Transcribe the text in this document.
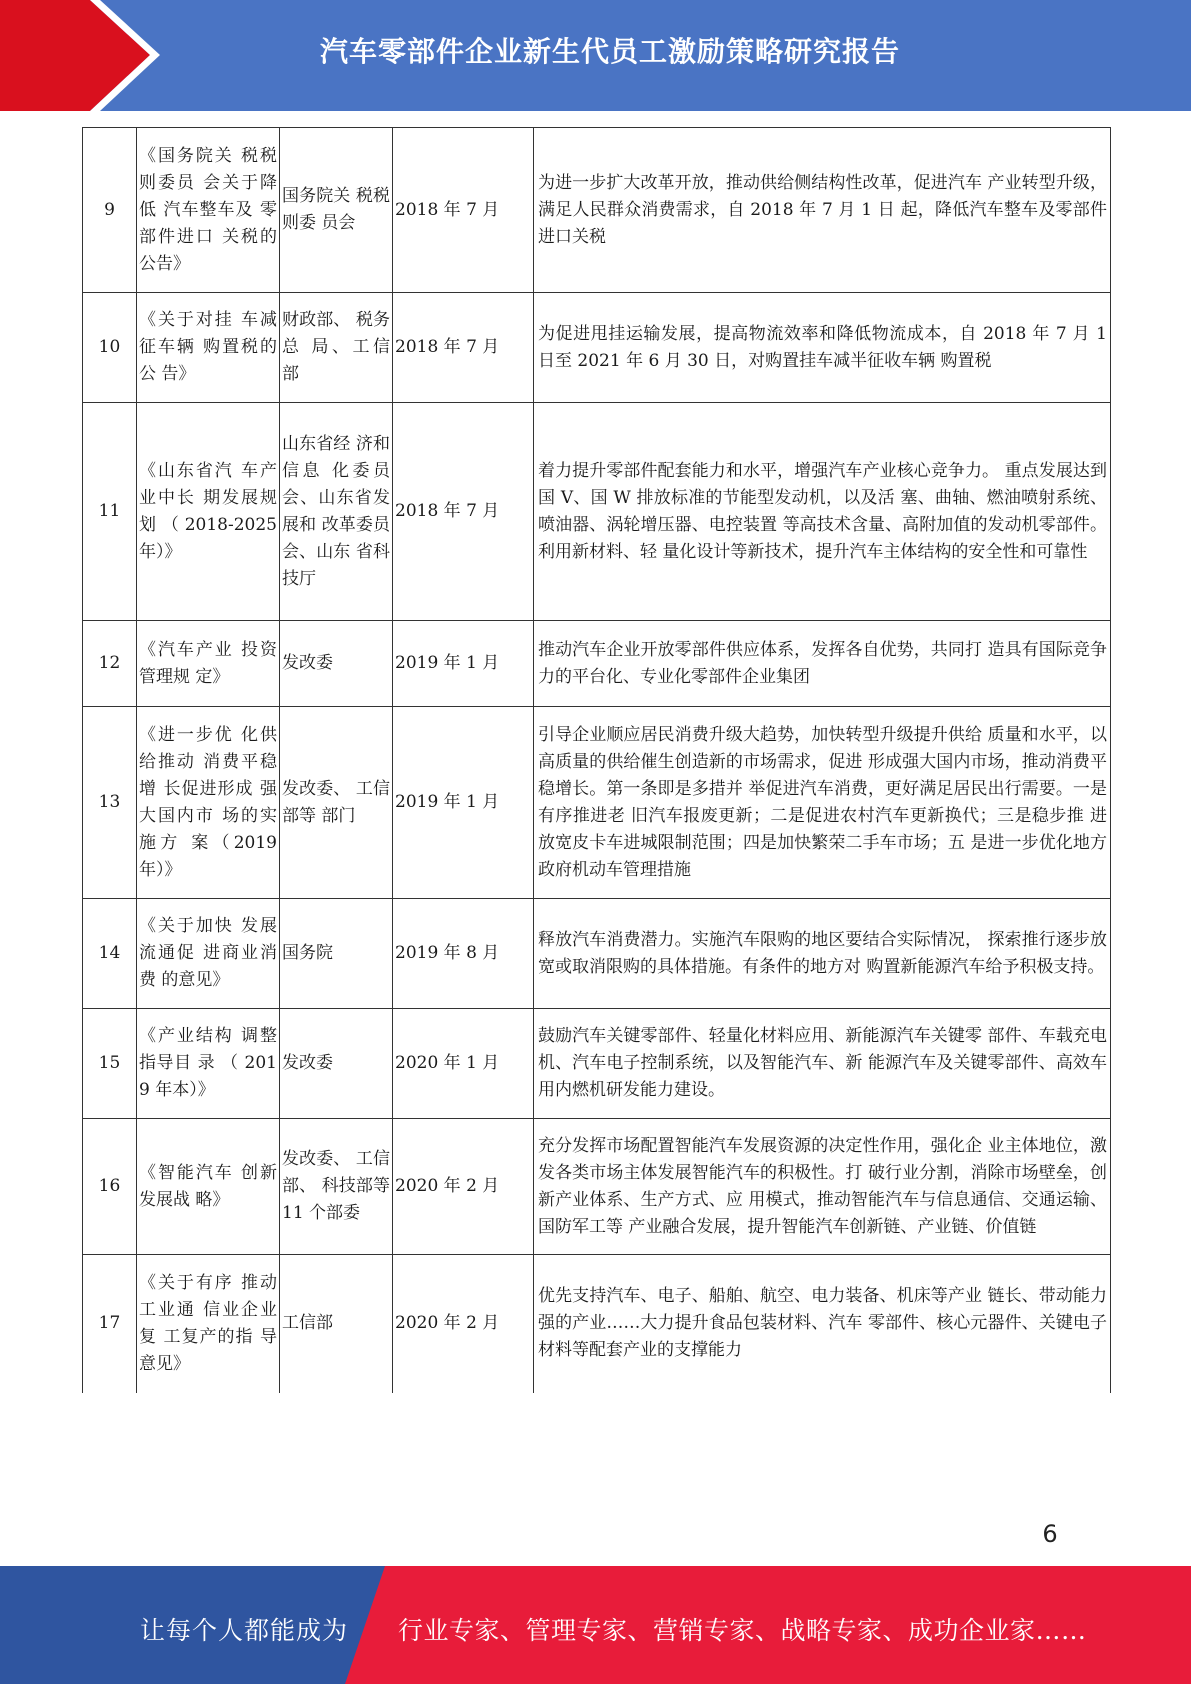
汽车零部件企业新生代员工激励策略研究报告
9	《国务院关 税税则委员 会关于降低 汽车整车及 零部件进口 关税的公告》	国务院关 税税则委 员会	2018 年 7 月	为进一步扩大改革开放，推动供给侧结构性改革，促进汽车 产业转型升级，满足人民群众消费需求，自 2018 年 7 月 1 日 起，降低汽车整车及零部件进口关税
10	《关于对挂 车减征车辆 购置税的公 告》	财政部、 税务总 局、工信 部	2018 年 7 月	为促进甩挂运输发展，提高物流效率和降低物流成本，自 2018 年 7 月 1 日至 2021 年 6 月 30 日，对购置挂车减半征收车辆 购置税
11	《山东省汽 车产业中长 期发展规划 （ 2018-2025 年）》	山东省经 济和信息 化委员 会、山东省发展和 改革委员 会、山东 省科技厅	2018 年 7 月	着力提升零部件配套能力和水平，增强汽车产业核心竞争力。 重点发展达到国 V、国 W 排放标准的节能型发动机，以及活 塞、曲轴、燃油喷射系统、喷油器、涡轮增压器、电控装置 等高技术含量、高附加值的发动机零部件。利用新材料、轻 量化设计等新技术，提升汽车主体结构的安全性和可靠性
12	《汽车产业 投资管理规 定》	发改委	2019 年 1 月	推动汽车企业开放零部件供应体系，发挥各自优势，共同打 造具有国际竞争力的平台化、专业化零部件企业集团
13	《进一步优 化供给推动 消费平稳增 长促进形成 强大国内市 场的实施方 案（2019 年）》	发改委、 工信部等 部门	2019 年 1 月	引导企业顺应居民消费升级大趋势，加快转型升级提升供给 质量和水平，以高质量的供给催生创造新的市场需求，促进 形成强大国内市场，推动消费平稳增长。第一条即是多措并 举促进汽车消费，更好满足居民出行需要。一是有序推进老 旧汽车报废更新；二是促进农村汽车更新换代；三是稳步推 进放宽皮卡车进城限制范围；四是加快繁荣二手车市场；五 是进一步优化地方政府机动车管理措施
14	《关于加快 发展流通促 进商业消费 的意见》	国务院	2019 年 8 月	释放汽车消费潜力。实施汽车限购的地区要结合实际情况， 探索推行逐步放宽或取消限购的具体措施。有条件的地方对 购置新能源汽车给予积极支持。
15	《产业结构 调整指导目 录 （ 2019 年本）》	发改委	2020 年 1 月	鼓励汽车关键零部件、轻量化材料应用、新能源汽车关键零 部件、车载充电机、汽车电子控制系统，以及智能汽车、新 能源汽车及关键零部件、高效车用内燃机研发能力建设。
16	《智能汽车 创新发展战 略》	发改委、 工信部、 科技部等 11 个部委	2020 年 2 月	充分发挥市场配置智能汽车发展资源的决定性作用，强化企 业主体地位，激发各类市场主体发展智能汽车的积极性。打 破行业分割，消除市场壁垒，创新产业体系、生产方式、应 用模式，推动智能汽车与信息通信、交通运输、国防军工等 产业融合发展，提升智能汽车创新链、产业链、价值链
17	《关于有序 推动工业通 信业企业复 工复产的指 导意见》	工信部	2020 年 2 月	优先支持汽车、电子、船舶、航空、电力装备、机床等产业 链长、带动能力强的产业……大力提升食品包装材料、汽车 零部件、核心元器件、关键电子材料等配套产业的支撑能力
6
让每个人都能成为 行业专家、管理专家、营销专家、战略专家、成功企业家……
